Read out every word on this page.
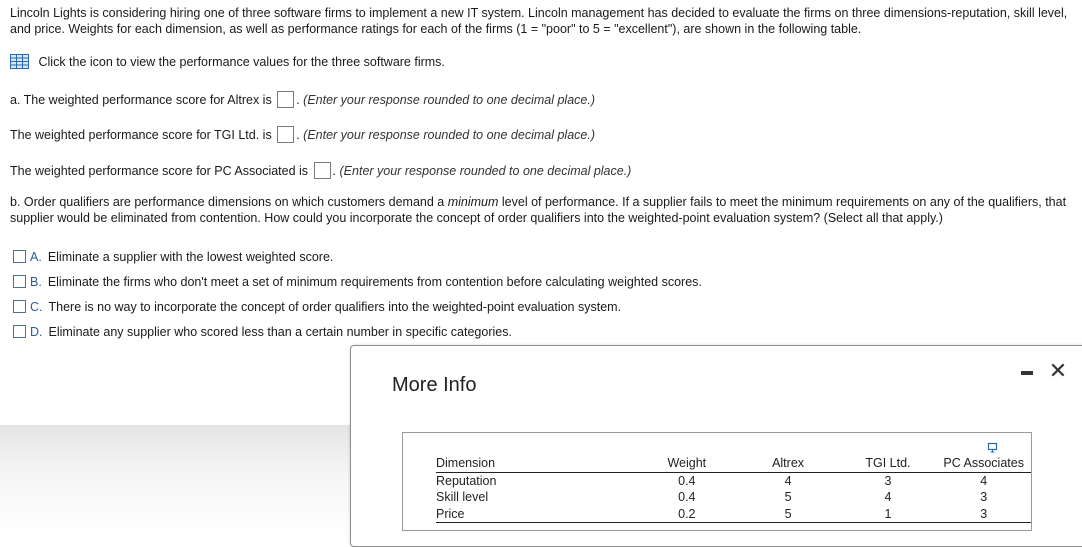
Lincoln Lights is considering hiring one of three software firms to implement a new IT system. Lincoln management has decided to evaluate the firms on three dimensions-reputation, skill level, and price. Weights for each dimension, as well as performance ratings for each of the firms (1 = "poor" to 5 = "excellent"), are shown in the following table.
Click the icon to view the performance values for the three software firms.
a. The weighted performance score for Altrex is . (Enter your response rounded to one decimal place.)
The weighted performance score for TGI Ltd. is . (Enter your response rounded to one decimal place.)
The weighted performance score for PC Associated is . (Enter your response rounded to one decimal place.)
b. Order qualifiers are performance dimensions on which customers demand a minimum level of performance. If a supplier fails to meet the minimum requirements on any of the qualifiers, that supplier would be eliminated from contention. How could you incorporate the concept of order qualifiers into the weighted-point evaluation system? (Select all that apply.)
A. Eliminate a supplier with the lowest weighted score.
B. Eliminate the firms who don't meet a set of minimum requirements from contention before calculating weighted scores.
C. There is no way to incorporate the concept of order qualifiers into the weighted-point evaluation system.
D. Eliminate any supplier who scored less than a certain number in specific categories.
More Info
✕
Dimension		Weight		Altrex		TGI Ltd.		PC Associates
Reputation		0.4		4		3		4
Skill level		0.4		5		4		3
Price		0.2		5		1		3
